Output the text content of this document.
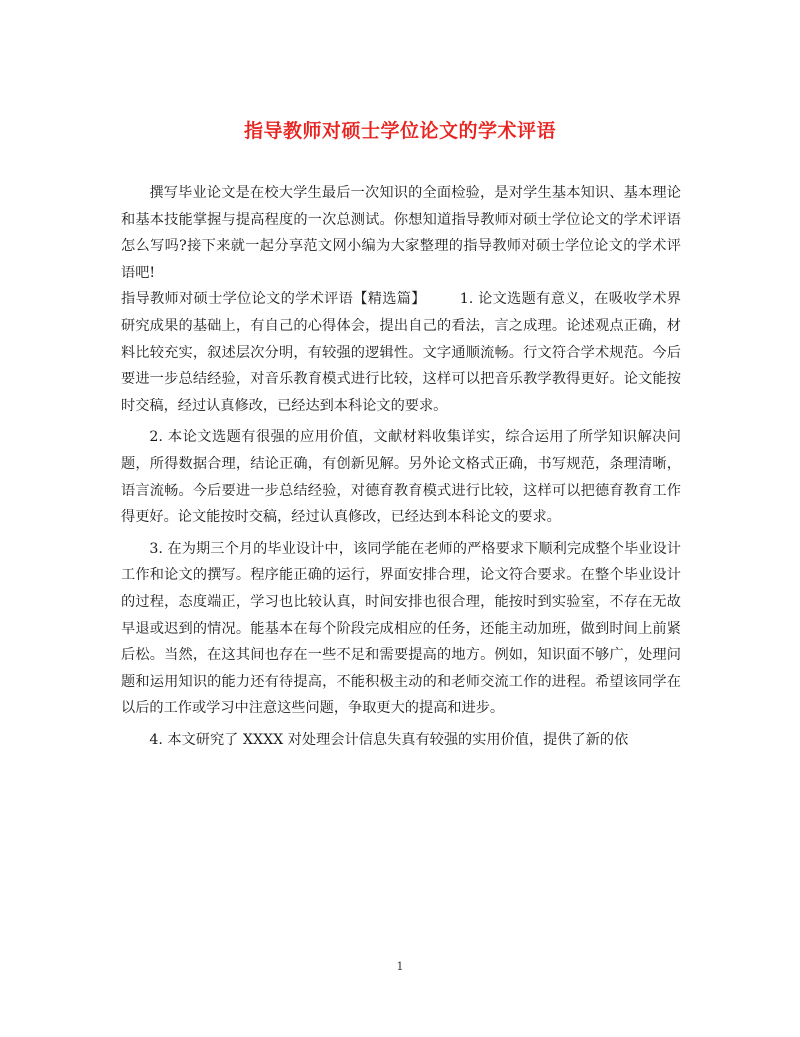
指导教师对硕士学位论文的学术评语

撰写毕业论文是在校大学生最后一次知识的全面检验，是对学生基本知识、基本理论和基本技能掌握与提高程度的一次总测试。你想知道指导教师对硕士学位论文的学术评语怎么写吗?接下来就一起分享范文网小编为大家整理的指导教师对硕士学位论文的学术评语吧!

指导教师对硕士学位论文的学术评语【精选篇】 1. 论文选题有意义，在吸收学术界研究成果的基础上，有自己的心得体会，提出自己的看法，言之成理。论述观点正确，材料比较充实，叙述层次分明，有较强的逻辑性。文字通顺流畅。行文符合学术规范。今后要进一步总结经验，对音乐教育模式进行比较，这样可以把音乐教学教得更好。论文能按时交稿，经过认真修改，已经达到本科论文的要求。

2. 本论文选题有很强的应用价值，文献材料收集详实，综合运用了所学知识解决问题，所得数据合理，结论正确，有创新见解。另外论文格式正确，书写规范，条理清晰，语言流畅。今后要进一步总结经验，对德育教育模式进行比较，这样可以把德育教育工作得更好。论文能按时交稿，经过认真修改，已经达到本科论文的要求。

3. 在为期三个月的毕业设计中，该同学能在老师的严格要求下顺利完成整个毕业设计工作和论文的撰写。程序能正确的运行，界面安排合理，论文符合要求。在整个毕业设计的过程，态度端正，学习也比较认真，时间安排也很合理，能按时到实验室，不存在无故早退或迟到的情况。能基本在每个阶段完成相应的任务，还能主动加班，做到时间上前紧后松。当然，在这其间也存在一些不足和需要提高的地方。例如，知识面不够广，处理问题和运用知识的能力还有待提高，不能积极主动的和老师交流工作的进程。希望该同学在以后的工作或学习中注意这些问题，争取更大的提高和进步。

4. 本文研究了 XXXX 对处理会计信息失真有较强的实用价值，提供了新的依

1
